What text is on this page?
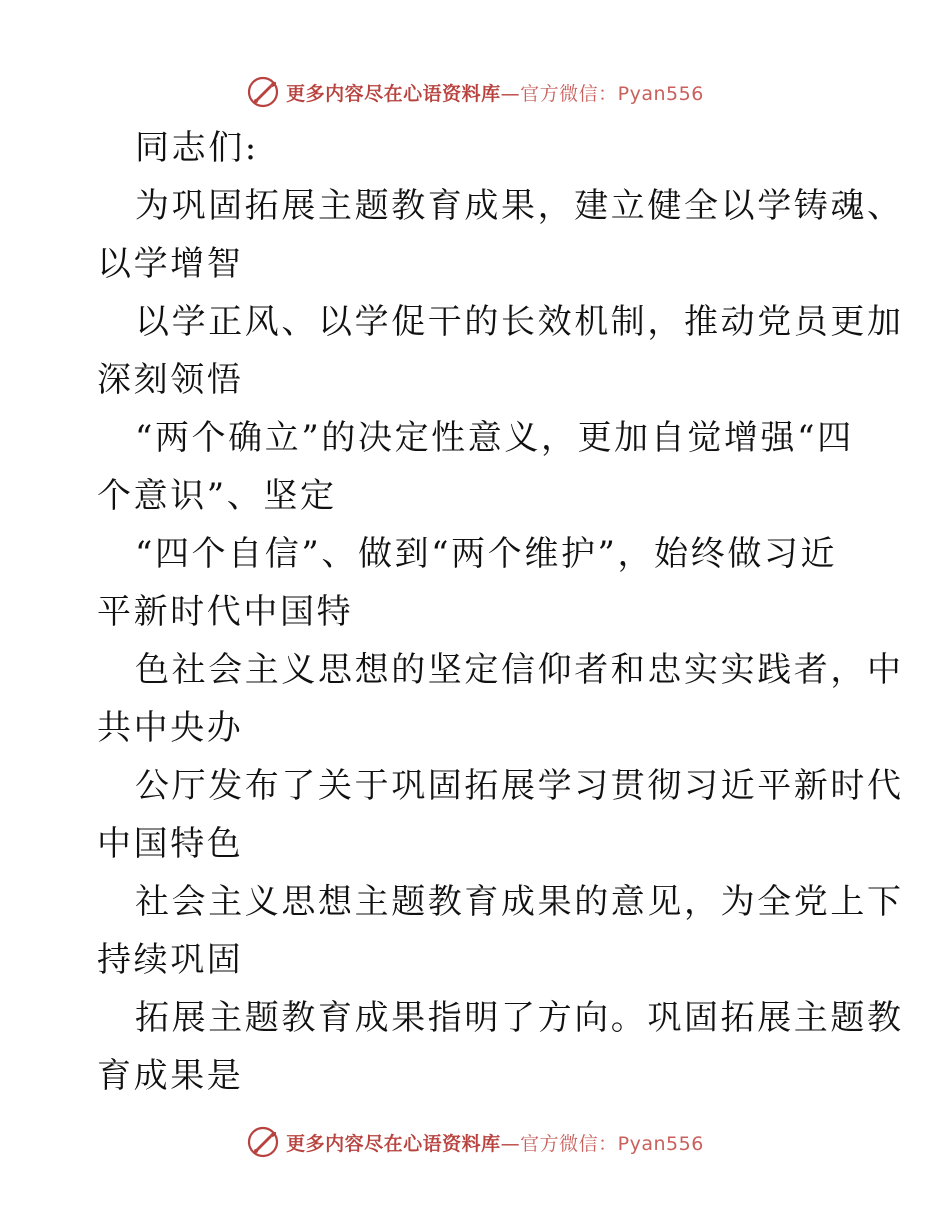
更多内容尽在心语资料库—官方微信：Pyan556
同志们:
为巩固拓展主题教育成果，建立健全以学铸魂、
以学增智
以学正风、以学促干的长效机制，推动党员更加
深刻领悟
“两个确立”的决定性意义，更加自觉增强“四
个意识”、坚定
“四个自信”、做到“两个维护”，始终做习近
平新时代中国特
色社会主义思想的坚定信仰者和忠实实践者，中
共中央办
公厅发布了关于巩固拓展学习贯彻习近平新时代
中国特色
社会主义思想主题教育成果的意见，为全党上下
持续巩固
拓展主题教育成果指明了方向。巩固拓展主题教
育成果是
更多内容尽在心语资料库—官方微信：Pyan556
